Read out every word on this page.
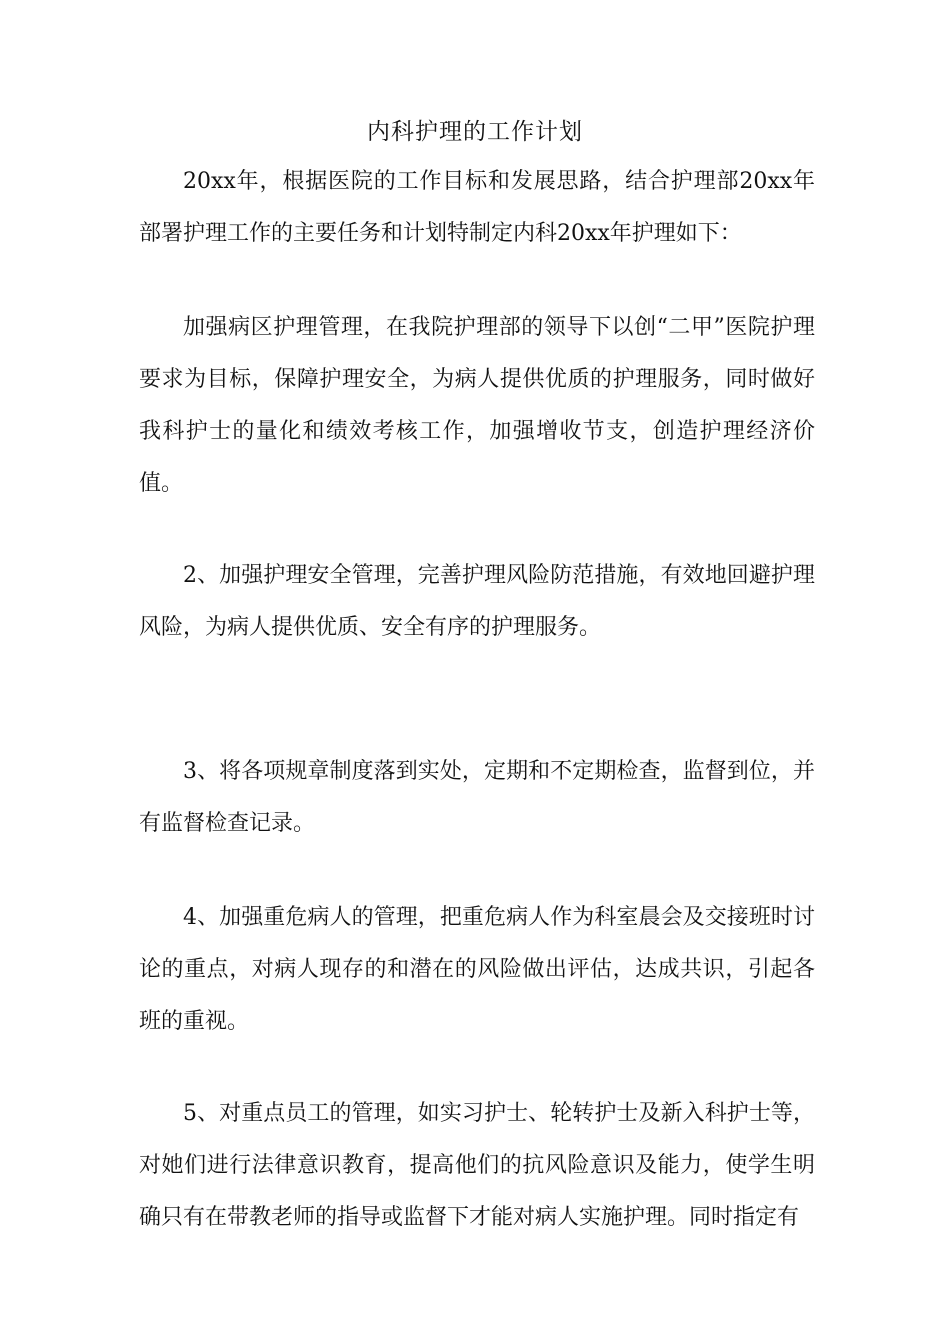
内科护理的工作计划

20xx年，根据医院的工作目标和发展思路，结合护理部20xx年部署护理工作的主要任务和计划特制定内科20xx年护理如下：

加强病区护理管理，在我院护理部的领导下以创“二甲”医院护理要求为目标，保障护理安全，为病人提供优质的护理服务，同时做好我科护士的量化和绩效考核工作，加强增收节支，创造护理经济价值。

2、加强护理安全管理，完善护理风险防范措施，有效地回避护理风险，为病人提供优质、安全有序的护理服务。

3、将各项规章制度落到实处，定期和不定期检查，监督到位，并有监督检查记录。

4、加强重危病人的管理，把重危病人作为科室晨会及交接班时讨论的重点，对病人现存的和潜在的风险做出评估，达成共识，引起各班的重视。

5、对重点员工的管理，如实习护士、轮转护士及新入科护士等，对她们进行法律意识教育，提高他们的抗风险意识及能力，使学生明确只有在带教老师的指导或监督下才能对病人实施护理。同时指定有
